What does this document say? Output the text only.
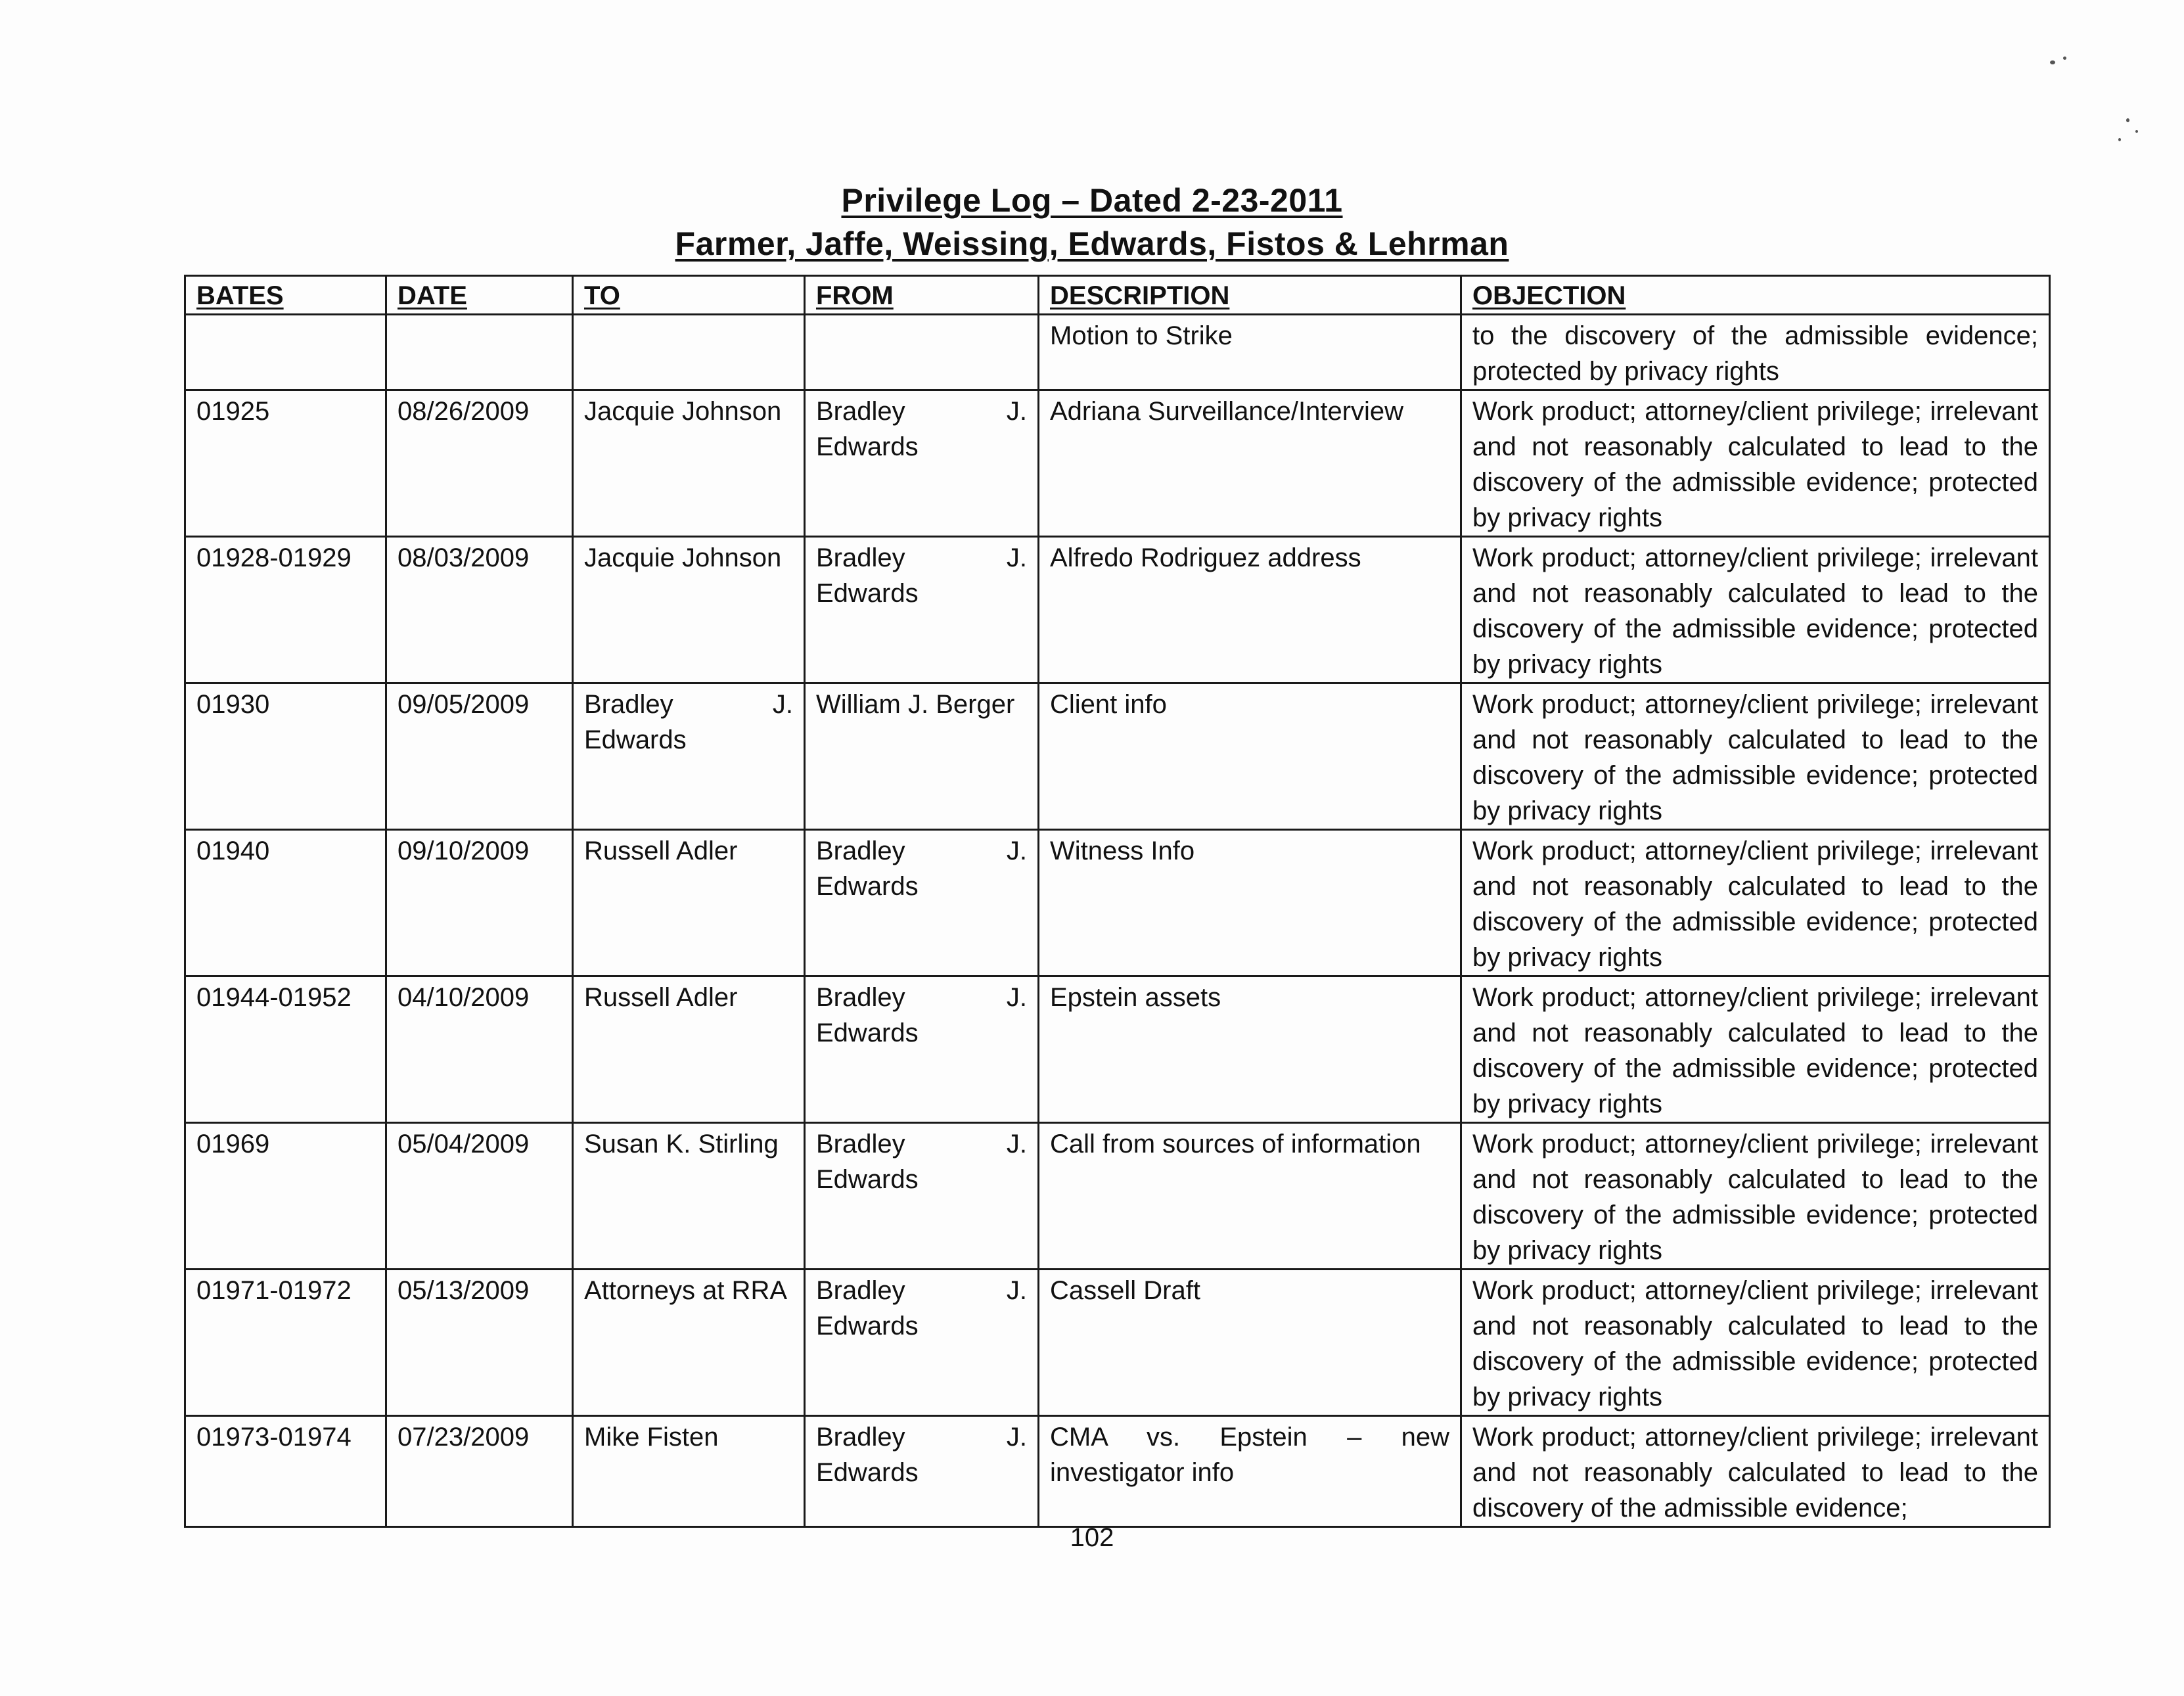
Privilege Log – Dated 2-23-2011
Farmer, Jaffe, Weissing, Edwards, Fistos & Lehrman
BATES	DATE	TO	FROM	DESCRIPTION	OBJECTION
				Motion to Strike	to the discovery of the admissible evidence; protected by privacy rights
01925	08/26/2009	Jacquie Johnson	Bradley J. Edwards	Adriana Surveillance/Interview	Work product; attorney/client privilege; irrelevant and not reasonably calculated to lead to the discovery of the admissible evidence; protected by privacy rights
01928-01929	08/03/2009	Jacquie Johnson	Bradley J. Edwards	Alfredo Rodriguez address	Work product; attorney/client privilege; irrelevant and not reasonably calculated to lead to the discovery of the admissible evidence; protected by privacy rights
01930	09/05/2009	Bradley J. Edwards	William J. Berger	Client info	Work product; attorney/client privilege; irrelevant and not reasonably calculated to lead to the discovery of the admissible evidence; protected by privacy rights
01940	09/10/2009	Russell Adler	Bradley J. Edwards	Witness Info	Work product; attorney/client privilege; irrelevant and not reasonably calculated to lead to the discovery of the admissible evidence; protected by privacy rights
01944-01952	04/10/2009	Russell Adler	Bradley J. Edwards	Epstein assets	Work product; attorney/client privilege; irrelevant and not reasonably calculated to lead to the discovery of the admissible evidence; protected by privacy rights
01969	05/04/2009	Susan K. Stirling	Bradley J. Edwards	Call from sources of information	Work product; attorney/client privilege; irrelevant and not reasonably calculated to lead to the discovery of the admissible evidence; protected by privacy rights
01971-01972	05/13/2009	Attorneys at RRA	Bradley J. Edwards	Cassell Draft	Work product; attorney/client privilege; irrelevant and not reasonably calculated to lead to the discovery of the admissible evidence; protected by privacy rights
01973-01974	07/23/2009	Mike Fisten	Bradley J. Edwards	CMA vs. Epstein – new investigator info	Work product; attorney/client privilege; irrelevant and not reasonably calculated to lead to the discovery of the admissible evidence;
102
